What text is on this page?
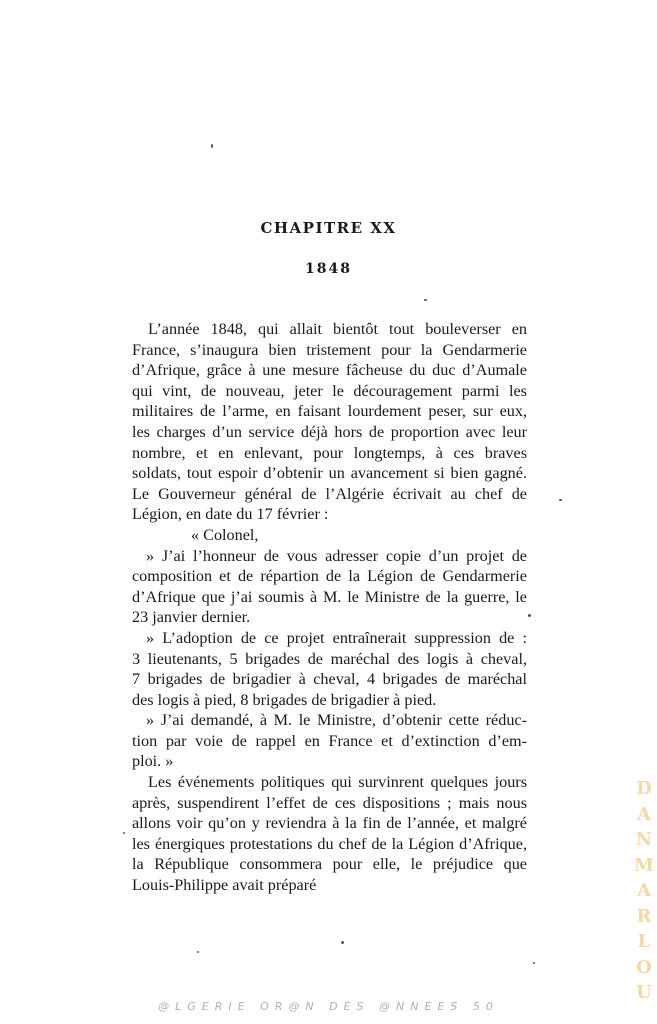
CHAPITRE XX
1848
L’année 1848, qui allait bientôt tout bouleverser en
France, s’inaugura bien tristement pour la Gendarmerie
d’Afrique, grâce à une mesure fâcheuse du duc d’Aumale
qui vint, de nouveau, jeter le découragement parmi les
militaires de l’arme, en faisant lourdement peser, sur eux,
les charges d’un service déjà hors de proportion avec leur
nombre, et en enlevant, pour longtemps, à ces braves
soldats, tout espoir d’obtenir un avancement si bien gagné.
Le Gouverneur général de l’Algérie écrivait au chef de
Légion, en date du 17 février :
« Colonel,
» J’ai l’honneur de vous adresser copie d’un projet de
composition et de répartion de la Légion de Gendarmerie
d’Afrique que j’ai soumis à M. le Ministre de la guerre, le
23 janvier dernier.
» L’adoption de ce projet entraînerait suppression de :
3 lieutenants, 5 brigades de maréchal des logis à cheval,
7 brigades de brigadier à cheval, 4 brigades de maréchal
des logis à pied, 8 brigades de brigadier à pied.
» J’ai demandé, à M. le Ministre, d’obtenir cette réduc-
tion par voie de rappel en France et d’extinction d’em-
ploi. »
Les événements politiques qui survinrent quelques jours
après, suspendirent l’effet de ces dispositions ; mais nous
allons voir qu’on y reviendra à la fin de l’année, et malgré
les énergiques protestations du chef de la Légion d’Afrique,
la République consommera pour elle, le préjudice que
Louis-Philippe avait préparé
D
A
N
M
A
R
L
O
U
@LGERIE OR@N DES @NNEES 50
